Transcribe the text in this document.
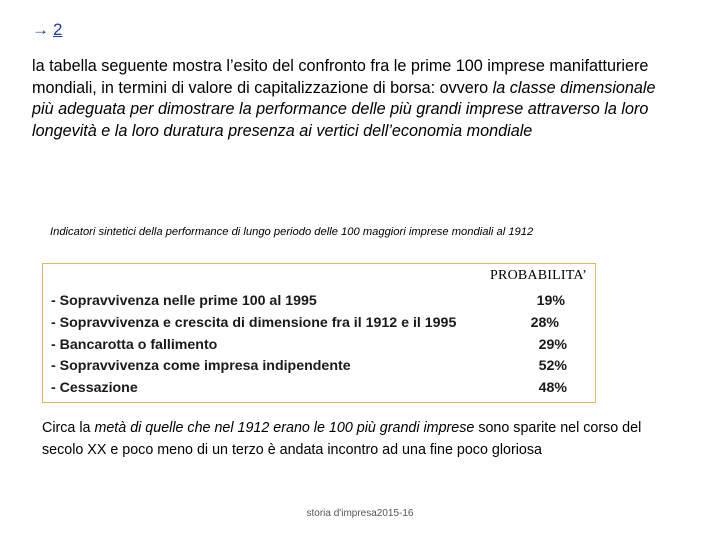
→ 2

la tabella seguente mostra l’esito del confronto fra le prime 100 imprese manifatturiere mondiali, in termini di valore di capitalizzazione di borsa: ovvero la classe dimensionale più adeguata per dimostrare la performance delle più grandi imprese attraverso la loro longevità e la loro duratura presenza ai vertici dell’economia mondiale

Indicatori sintetici della performance di lungo periodo delle 100 maggiori imprese mondiali al 1912

PROBABILITA’
- Sopravvivenza nelle prime 100 al 1995	19%
- Sopravvivenza e crescita di dimensione fra il 1912 e il 1995	28%
- Bancarotta o fallimento	29%
- Sopravvivenza come impresa indipendente	52%
- Cessazione	48%

Circa la metà di quelle che nel 1912 erano le 100 più grandi imprese sono sparite nel corso del secolo XX e poco meno di un terzo è andata incontro ad una fine poco gloriosa

storia d'impresa2015-16
